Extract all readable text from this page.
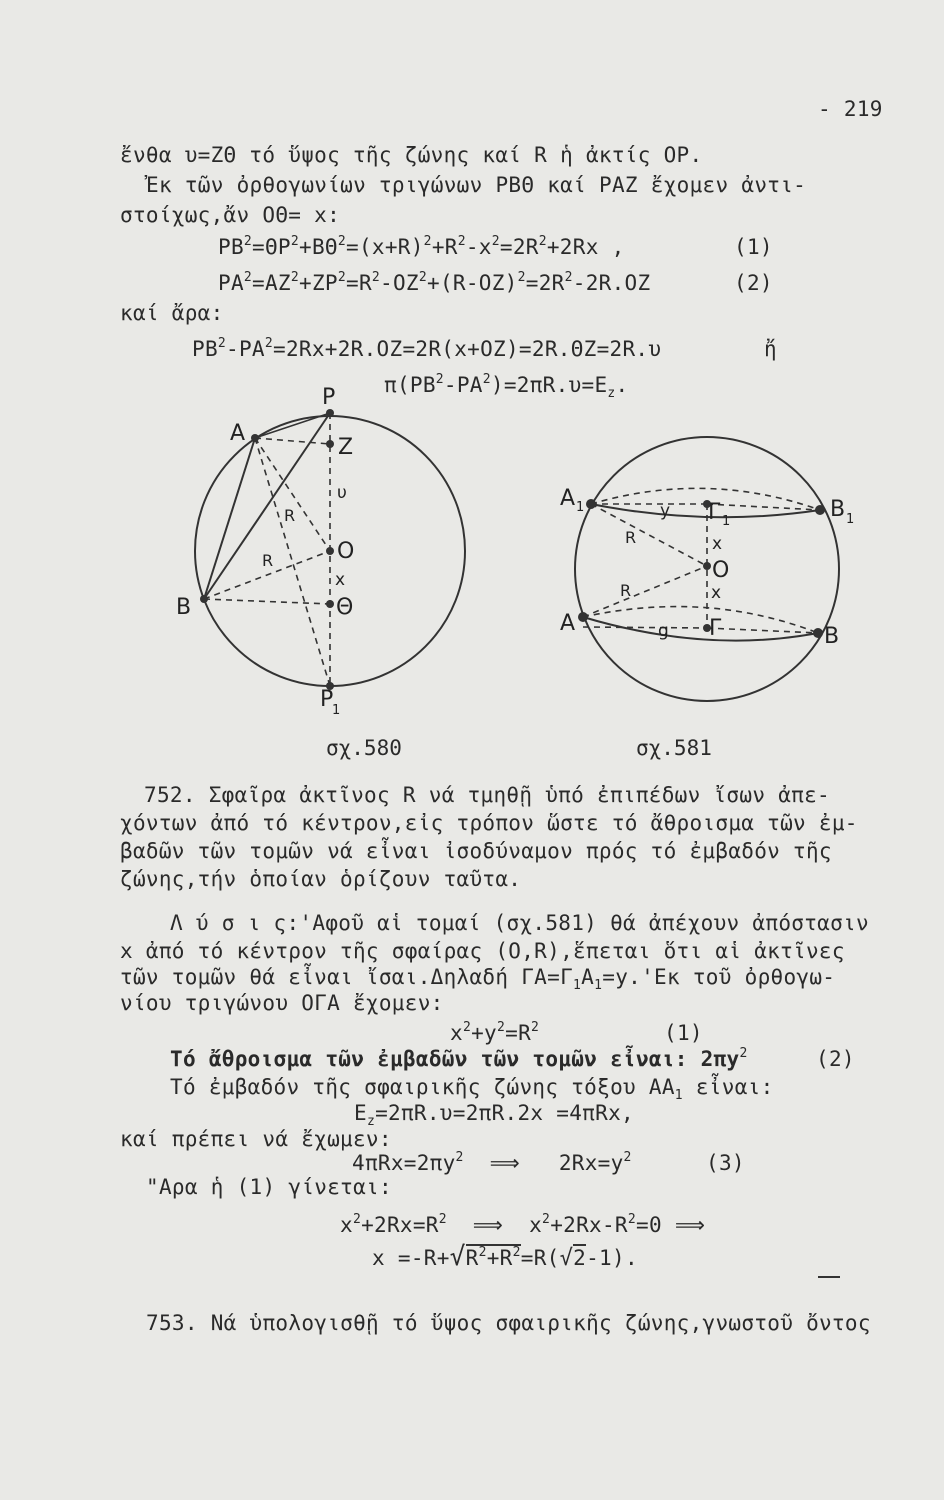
- 219
ἔνθα υ=ΖΘ τό ὕψος τῆς ζώνης καί R ἡ ἀκτίς ΟΡ.
Ἐκ τῶν ὀρθογωνίων τριγώνων ΡΒΘ καί ΡΑΖ ἔχομεν ἀντι-
στοίχως,ἄν ΟΘ= x:
$PB^2=\Theta P^2+B\Theta^2=(x+R)^2+R^2-x^2=2R^2+2Rx$ ,	(1)
$PA^2=AZ^2+ZP^2=R^2-OZ^2+(R-OZ)^2=2R^2-2R.OZ$	(2)
καί ἄρα:
$PB^2-PA^2=2Rx+2R.OZ=2R(x+OZ)=2R.\Theta Z=2R.\upsilon$	ἤ
$\pi(PB^2-PA^2)=2\pi R.\upsilon=E_z$.
P
A
Z
υ
R
R	O
x
B	Θ
P
1
A 1	y Γ 1	B 1
R	x
O
R	x
A	g Γ	B
σχ.580	σχ.581
752. Σφαῖρα ἀκτῖνος R νά τμηθῇ ὑπό ἐπιπέδων ἴσων ἀπε-
χόντων ἀπό τό κέντρον,εἰς τρόπον ὥστε τό ἄθροισμα τῶν ἐμ-
βαδῶν τῶν τομῶν νά εἶναι ἰσοδύναμον πρός τό ἐμβαδόν τῆς
ζώνης,τήν ὁποίαν ὁρίζουν ταῦτα.
Λ ύ σ ι ς:'Αφοῦ αἱ τομαί (σχ.581) θά ἀπέχουν ἀπόστασιν
x ἀπό τό κέντρον τῆς σφαίρας (Ο,R),ἕπεται ὅτι αἱ ἀκτῖνες
τῶν τομῶν θά εἶναι ἴσαι.Δηλαδή $\Gamma A=\Gamma_1A_1=y.'E\kappa$ τοῦ ὀρθογω-
νίου τριγώνου ΟΓΑ ἔχομεν:
$x^2+y^2=R^2$	(1)
Τό ἄθροισμα τῶν ἐμβαδῶν τῶν τομῶν εἶναι: $2\pi y^2$	(2)
Τό ἐμβαδόν τῆς σφαιρικῆς ζώνης τόξου $AA_1$ εἶναι:
$E_z=2\pi R.\upsilon=2\pi R.2x =4\pi Rx$,
καί πρέπει νά ἔχωμεν:
$4\pi Rx=2\pi y^2$ ⟹ $2Rx=y^2$	(3)
"Αρα ἡ (1) γίνεται:
$x^2+2Rx=R^2$ ⟹ $x^2+2Rx-R^2=0$ ⟹
$x =-R+√R^2+R^2=R(√2-1)$.
753. Νά ὑπολογισθῇ τό ὕψος σφαιρικῆς ζώνης,γνωστοῦ ὄντος
